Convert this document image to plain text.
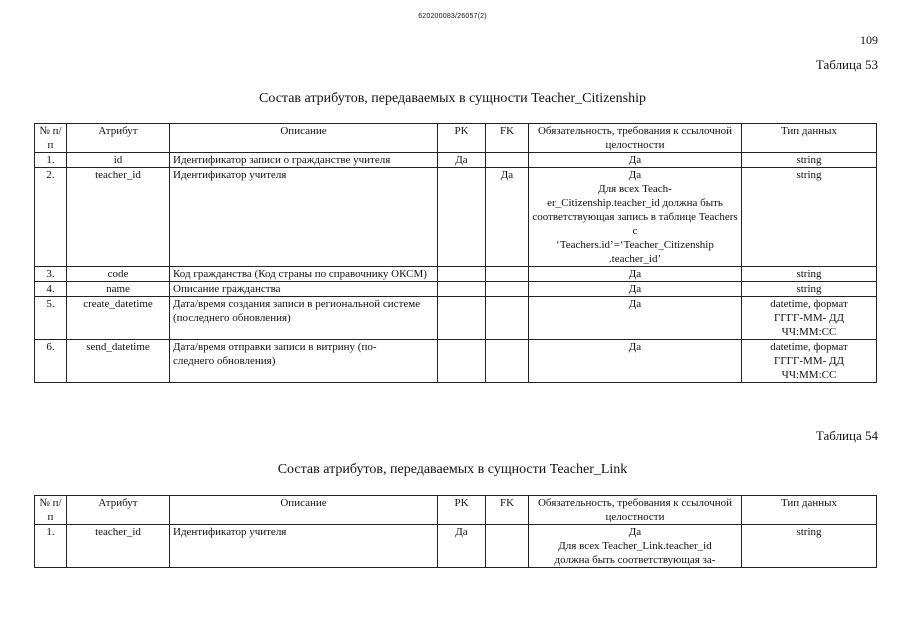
620200083/26057(2)
109
Таблица 53
Состав атрибутов, передаваемых в сущности Teacher_Citizenship
№ п/п	Атрибут	Описание	PK	FK	Обязательность, требования к ссылочной целостности	Тип данных
1.	id	Идентификатор записи о гражданстве учителя	Да		Да	string
2.	teacher_id	Идентификатор учителя		Да	Да
Для всех Teach-
er_Citizenship.teacher_id должна быть соответствующая запись в таблице Teachers с
‘Teachers.id’=‘Teacher_Citizenship
.teacher_id’	string
3.	code	Код гражданства (Код страны по справочнику ОКСМ)			Да	string
4.	name	Описание гражданства			Да	string
5.	create_datetime	Дата/время создания записи в региональной системе (последнего обновления)			Да	datetime, формат
ГГГГ-ММ- ДД
ЧЧ:ММ:СС
6.	send_datetime	Дата/время отправки записи в витрину (по-
следнего обновления)			Да	datetime, формат
ГГГГ-ММ- ДД
ЧЧ:ММ:СС
Таблица 54
Состав атрибутов, передаваемых в сущности Teacher_Link
№ п/п	Атрибут	Описание	PK	FK	Обязательность, требования к ссылочной целостности	Тип данных
1.	teacher_id	Идентификатор учителя	Да		Да
Для всех Teacher_Link.teacher_id
должна быть соответствующая за-	string
